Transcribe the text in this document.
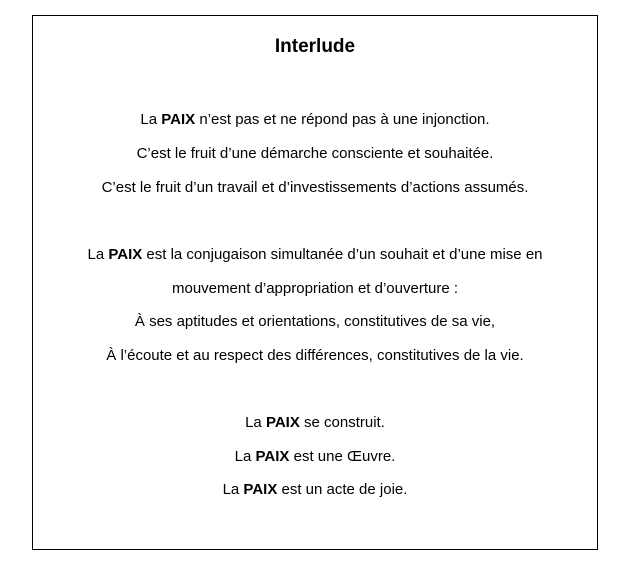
Interlude
La PAIX n’est pas et ne répond pas à une injonction.
C’est le fruit d’une démarche consciente et souhaitée.
C’est le fruit d’un travail et d’investissements d’actions assumés.
La PAIX est la conjugaison simultanée d’un souhait et d’une mise en
mouvement d’appropriation et d’ouverture :
À ses aptitudes et orientations, constitutives de sa vie,
À l’écoute et au respect des différences, constitutives de la vie.
La PAIX se construit.
La PAIX est une Œuvre.
La PAIX est un acte de joie.
